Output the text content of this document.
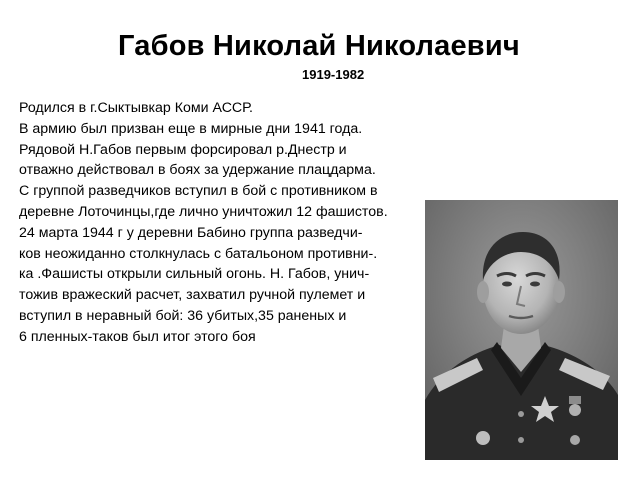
Габов Николай Николаевич
1919-1982
Родился в г.Сыктывкар Коми АССР.
В армию был призван еще в мирные дни 1941 года.
Рядовой Н.Габов первым форсировал р.Днестр и
отважно действовал в боях за удержание плацдарма.
С группой разведчиков вступил в бой с противником в
деревне Лоточинцы,где лично уничтожил 12 фашистов.
24 марта 1944 г у деревни Бабино группа разведчи-
ков неожиданно столкнулась с батальоном противни-.
ка .Фашисты открыли сильный огонь. Н. Габов, унич-
тожив вражеский расчет, захватил ручной пулемет и
вступил в неравный бой: 36 убитых,35 раненых и
6 пленных-таков был итог этого боя
